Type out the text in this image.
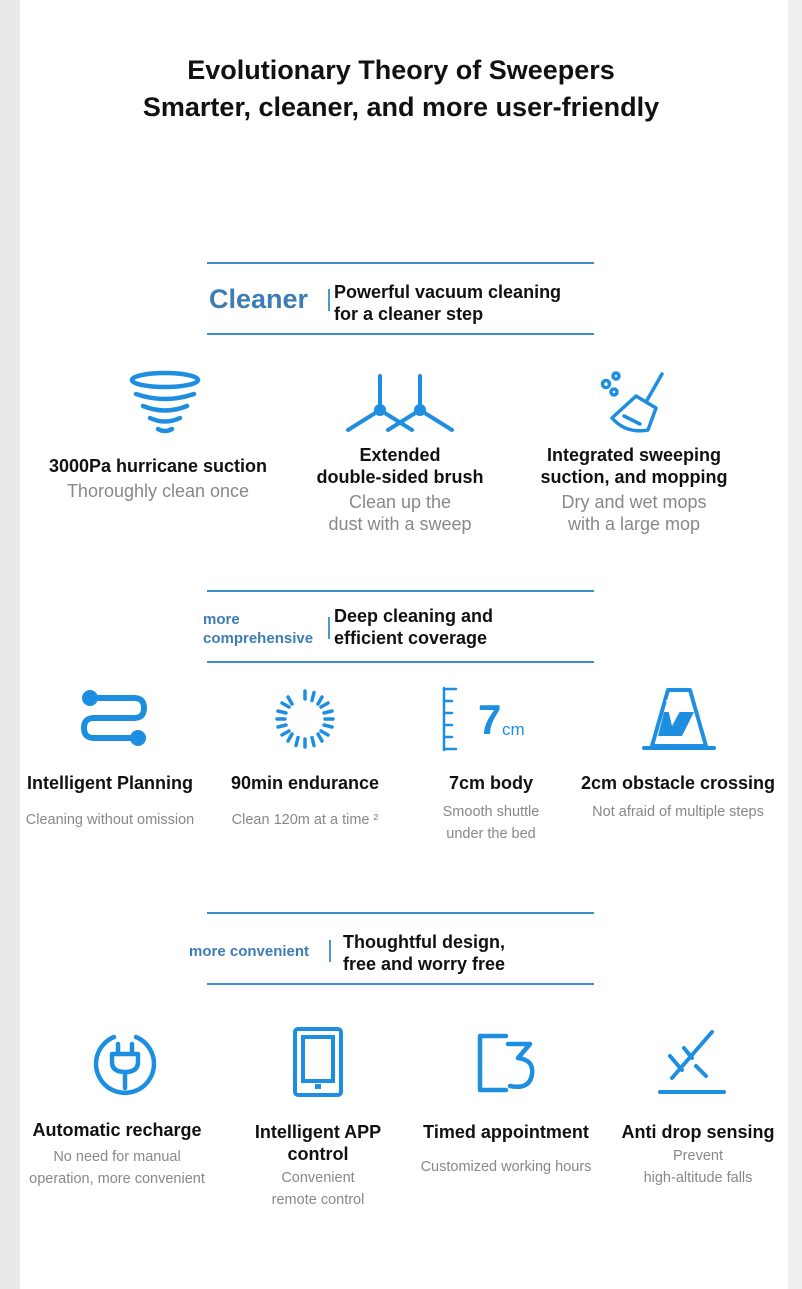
Evolutionary Theory of Sweepers
Smarter, cleaner, and more user-friendly
Cleaner Powerful vacuum cleaning
for a cleaner step
3000Pa hurricane suction
Thoroughly clean once
Extended
double-sided brush
Clean up the
dust with a sweep
Integrated sweeping
suction, and mopping
Dry and wet mops
with a large mop
more
comprehensive
Deep cleaning and
efficient coverage
7 cm
Intelligent Planning
Cleaning without omission
90min endurance
Clean 120m at a time ²
7cm body
Smooth shuttle
under the bed
2cm obstacle crossing
Not afraid of multiple steps
more convenient Thoughtful design,
free and worry free
Automatic recharge
No need for manual
operation, more convenient
Intelligent APP
control
Convenient
remote control
Timed appointment
Customized working hours
Anti drop sensing
Prevent
high-altitude falls
